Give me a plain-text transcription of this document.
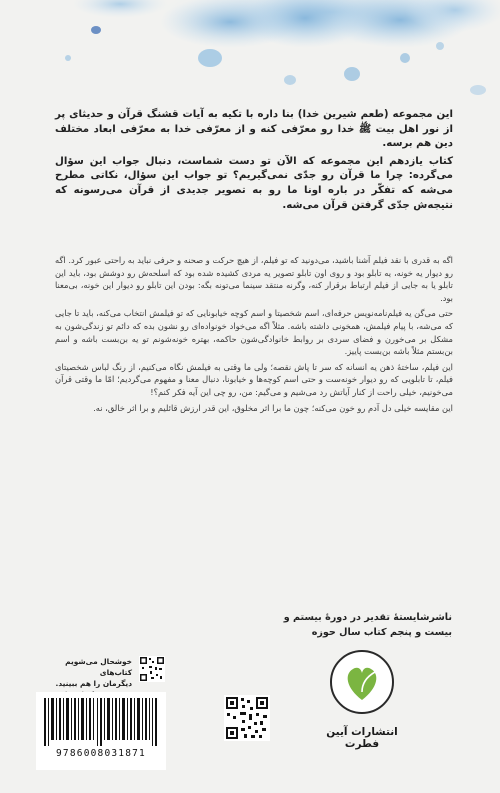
این مجموعه (طعم شیرین خدا) بنا داره با تکیه به آیات قشنگ قرآن و حدیثای پر از نور اهل بیت ﷺ خدا رو معرّفی کنه و از معرّفی خدا به معرّفی ابعاد مختلف دین هم برسه.

کتاب یازدهم این مجموعه که الآن تو دست شماست، دنبال جواب این سؤال می‌گرده: چرا ما قرآن رو جدّی نمی‌گیریم؟ تو جواب این سؤال، نکاتی مطرح می‌شه که تفکّر در باره‌ اونا ما رو به تصویر جدیدی از قرآن می‌رسونه که نتیجه‌ش جدّی گرفتن قرآن می‌شه.

اگه به قدری با نقد فیلم آشنا باشید، می‌دونید که تو فیلم، از هیچ حرکت و صحنه و حرفی نباید به راحتی عبور کرد. اگه رو دیوار یه خونه، یه تابلو بود و روی اون تابلو تصویر یه مردی کشیده شده بود که اسلحه‌ش رو دوشش بود، باید این تابلو یا به جایی از فیلم ارتباط برقرار کنه، وگرنه منتقد سینما می‌تونه بگه: بودن این تابلو رو دیوار این خونه، بی‌معنا بود.

حتی می‌گن یه فیلم‌نامه‌نویس حرفه‌ای، اسم شخصیتا و اسم کوچه خیابونایی که تو فیلمش انتخاب می‌کنه، باید تا جایی که می‌شه، با پیام فیلمش، همخونی داشته باشه. مثلاً اگه می‌خواد خونواده‌ای رو نشون بده که دائم تو زندگی‌شون به مشکل بر می‌خورن و فضای سردی بر روابط خانوادگی‌شون حاکمه، بهتره خونه‌شونم تو یه بن‌بست باشه و اسم بن‌بستم مثلاً باشه بن‌بست پاییز.

این فیلم، ساختهٔ ذهن یه انسانه که سر تا پاش نقصه؛ ولی ما وقتی به فیلمش نگاه می‌کنیم، از رنگ لباس شخصیتای فیلم، تا تابلویی که رو دیوار خونه‌ست و حتی اسم کوچه‌ها و خیابونا، دنبال معنا و مفهوم می‌گردیم؛ امّا ما وقتی قرآن می‌خونیم، خیلی راحت از کنار آیاتش رد می‌شیم و می‌گیم: من، رو چی این آیه فکر کنم؟!

این مقایسه خیلی دل آدم رو خون می‌کنه؛ چون ما برا اثر مخلوق، این قدر ارزش قائلیم و برا اثر خالق، نه.

ناشرشایستهٔ تقدیر در دورهٔ بیستم و
بیست و پنجم کتاب سال حوزه
انتشارات آیین فطرت
خوشحال می‌شویم کتاب‌های
دیگرمان را هم ببینید.
9786008031871
